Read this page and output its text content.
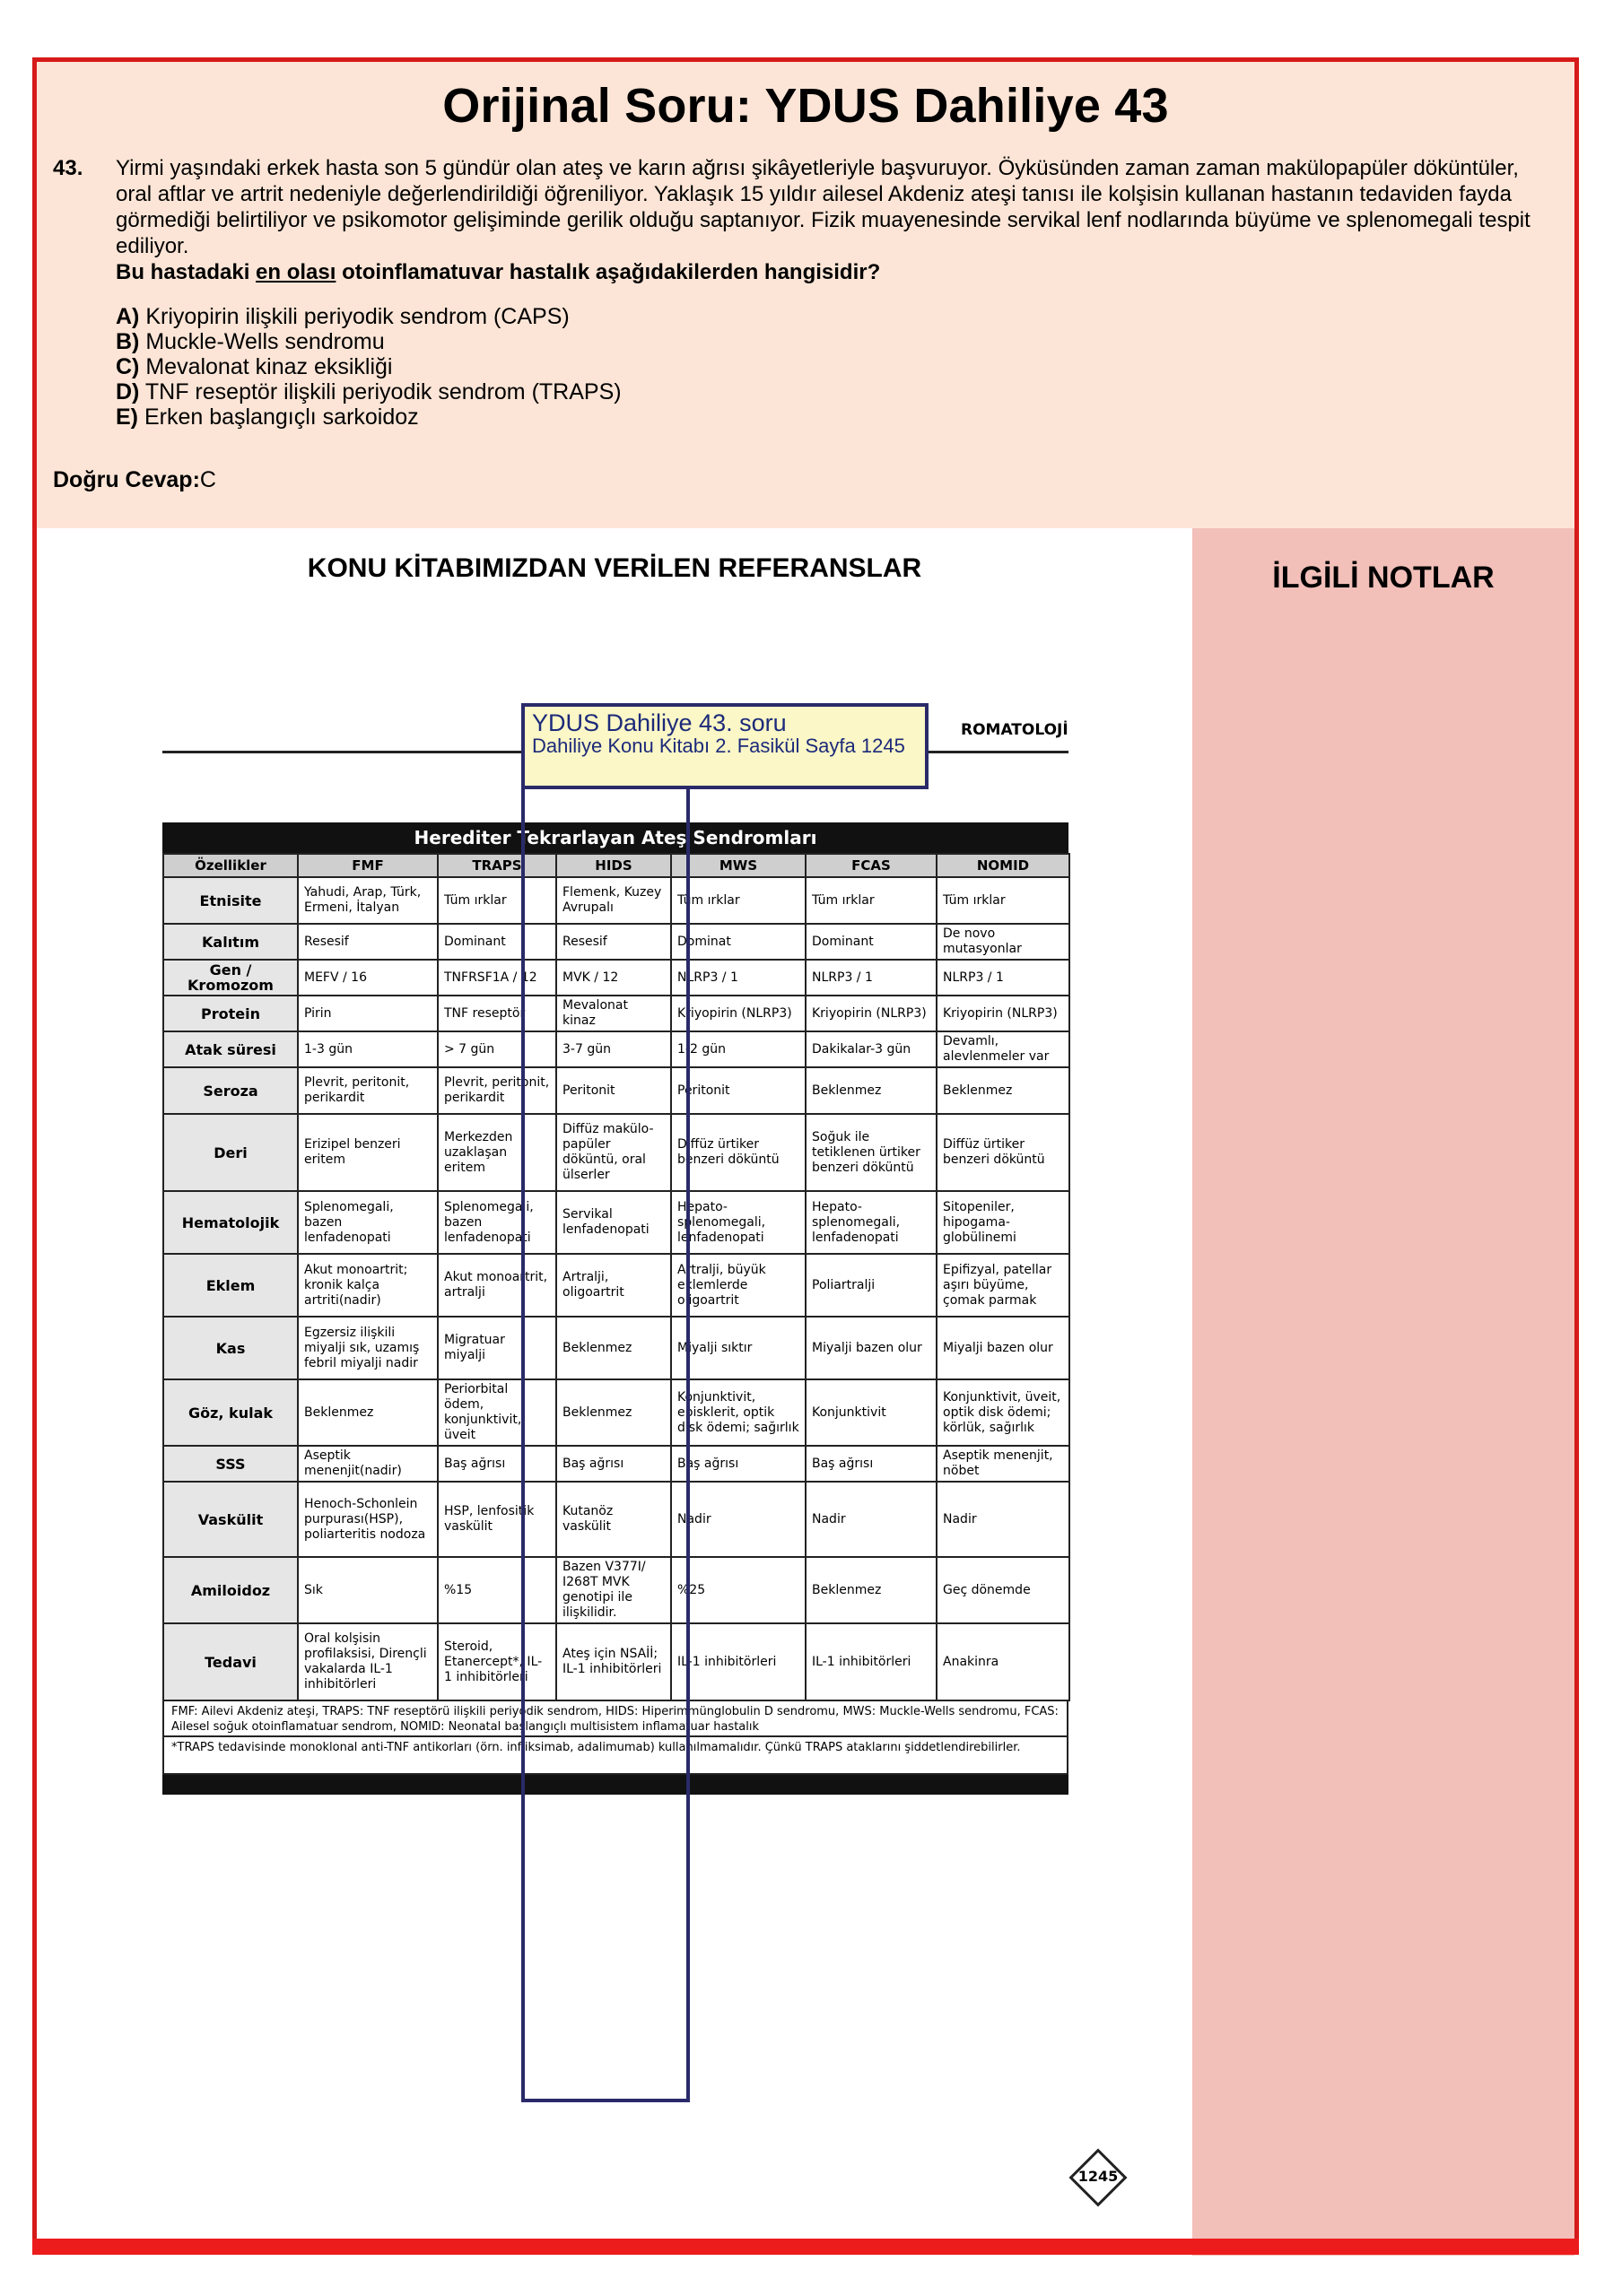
Orijinal Soru: YDUS Dahiliye 43
43. Yirmi yaşındaki erkek hasta son 5 gündür olan ateş ve karın ağrısı şikâyetleriyle başvuruyor. Öyküsünden zaman zaman makülopapüler döküntüler, oral aftlar ve artrit nedeniyle değerlendirildiği öğreniliyor. Yaklaşık 15 yıldır ailesel Akdeniz ateşi tanısı ile kolşisin kullanan hastanın tedaviden fayda görmediği belirtiliyor ve psikomotor gelişiminde gerilik olduğu saptanıyor. Fizik muayenesinde servikal lenf nodlarında büyüme ve splenomegali tespit ediliyor.
Bu hastadaki en olası otoinflamatuvar hastalık aşağıdakilerden hangisidir?
A) Kriyopirin ilişkili periyodik sendrom (CAPS)
B) Muckle-Wells sendromu
C) Mevalonat kinaz eksikliği
D) TNF reseptör ilişkili periyodik sendrom (TRAPS)
E) Erken başlangıçlı sarkoidoz
Doğru Cevap:C
KONU KİTABIMIZDAN VERİLEN REFERANSLAR
ROMATOLOJİ
YDUS Dahiliye 43. soru
Dahiliye Konu Kitabı 2. Fasikül Sayfa 1245
Herediter Tekrarlayan Ateş Sendromları
Özellikler	FMF	TRAPS	HIDS	MWS	FCAS	NOMID
Etnisite	Yahudi, Arap, Türk, Ermeni, İtalyan	Tüm ırklar	Flemenk, Kuzey Avrupalı	Tüm ırklar	Tüm ırklar	Tüm ırklar
Kalıtım	Resesif	Dominant	Resesif	Dominat	Dominant	De novo mutasyonlar
Gen / Kromozom	MEFV / 16	TNFRSF1A / 12	MVK / 12	NLRP3 / 1	NLRP3 / 1	NLRP3 / 1
Protein	Pirin	TNF reseptör	Mevalonat kinaz	Kriyopirin (NLRP3)	Kriyopirin (NLRP3)	Kriyopirin (NLRP3)
Atak süresi	1-3 gün	> 7 gün	3-7 gün	1-2 gün	Dakikalar-3 gün	Devamlı, alevlenmeler var
Seroza	Plevrit, peritonit, perikardit	Plevrit, peritonit, perikardit	Peritonit	Peritonit	Beklenmez	Beklenmez
Deri	Erizipel benzeri eritem	Merkezden uzaklaşan eritem	Diffüz makülo-papüler döküntü, oral ülserler	Diffüz ürtiker benzeri döküntü	Soğuk ile tetiklenen ürtiker benzeri döküntü	Diffüz ürtiker benzeri döküntü
Hematolojik	Splenomegali, bazen lenfadenopati	Splenomegali, bazen lenfadenopati	Servikal lenfadenopati	Hepato-splenomegali, lenfadenopati	Hepato-splenomegali, lenfadenopati	Sitopeniler, hipogama-globülinemi
Eklem	Akut monoartrit; kronik kalça artriti(nadir)	Akut monoartrit, artralji	Artralji, oligoartrit	Artralji, büyük eklemlerde oligoartrit	Poliartralji	Epifizyal, patellar aşırı büyüme, çomak parmak
Kas	Egzersiz ilişkili miyalji sık, uzamış febril miyalji nadir	Migratuar miyalji	Beklenmez	Miyalji sıktır	Miyalji bazen olur	Miyalji bazen olur
Göz, kulak	Beklenmez	Periorbital ödem, konjunktivit, üveit	Beklenmez	Konjunktivit, episklerit, optik disk ödemi; sağırlık	Konjunktivit	Konjunktivit, üveit, optik disk ödemi; körlük, sağırlık
SSS	Aseptik menenjit(nadir)	Baş ağrısı	Baş ağrısı	Baş ağrısı	Baş ağrısı	Aseptik menenjit, nöbet
Vaskülit	Henoch-Schonlein purpurası(HSP), poliarteritis nodoza	HSP, lenfositik vaskülit	Kutanöz vaskülit	Nadir	Nadir	Nadir
Amiloidoz	Sık	%15	Bazen V377I/ I268T MVK genotipi ile ilişkilidir.	%25	Beklenmez	Geç dönemde
Tedavi	Oral kolşisin profilaksisi, Dirençli vakalarda IL-1 inhibitörleri	Steroid, Etanercept*, IL-1 inhibitörleri	Ateş için NSAİİ; IL-1 inhibitörleri	IL-1 inhibitörleri	IL-1 inhibitörleri	Anakinra
FMF: Ailevi Akdeniz ateşi, TRAPS: TNF reseptörü ilişkili periyodik sendrom, HIDS: Hiperimmünglobulin D sendromu, MWS: Muckle-Wells sendromu, FCAS: Ailesel soğuk otoinflamatuar sendrom, NOMID: Neonatal başlangıçlı multisistem inflamatuar hastalık
*TRAPS tedavisinde monoklonal anti-TNF antikorları (örn. infliksimab, adalimumab) kullanılmamalıdır. Çünkü TRAPS ataklarını şiddetlendirebilirler.
1245
İLGİLİ NOTLAR
